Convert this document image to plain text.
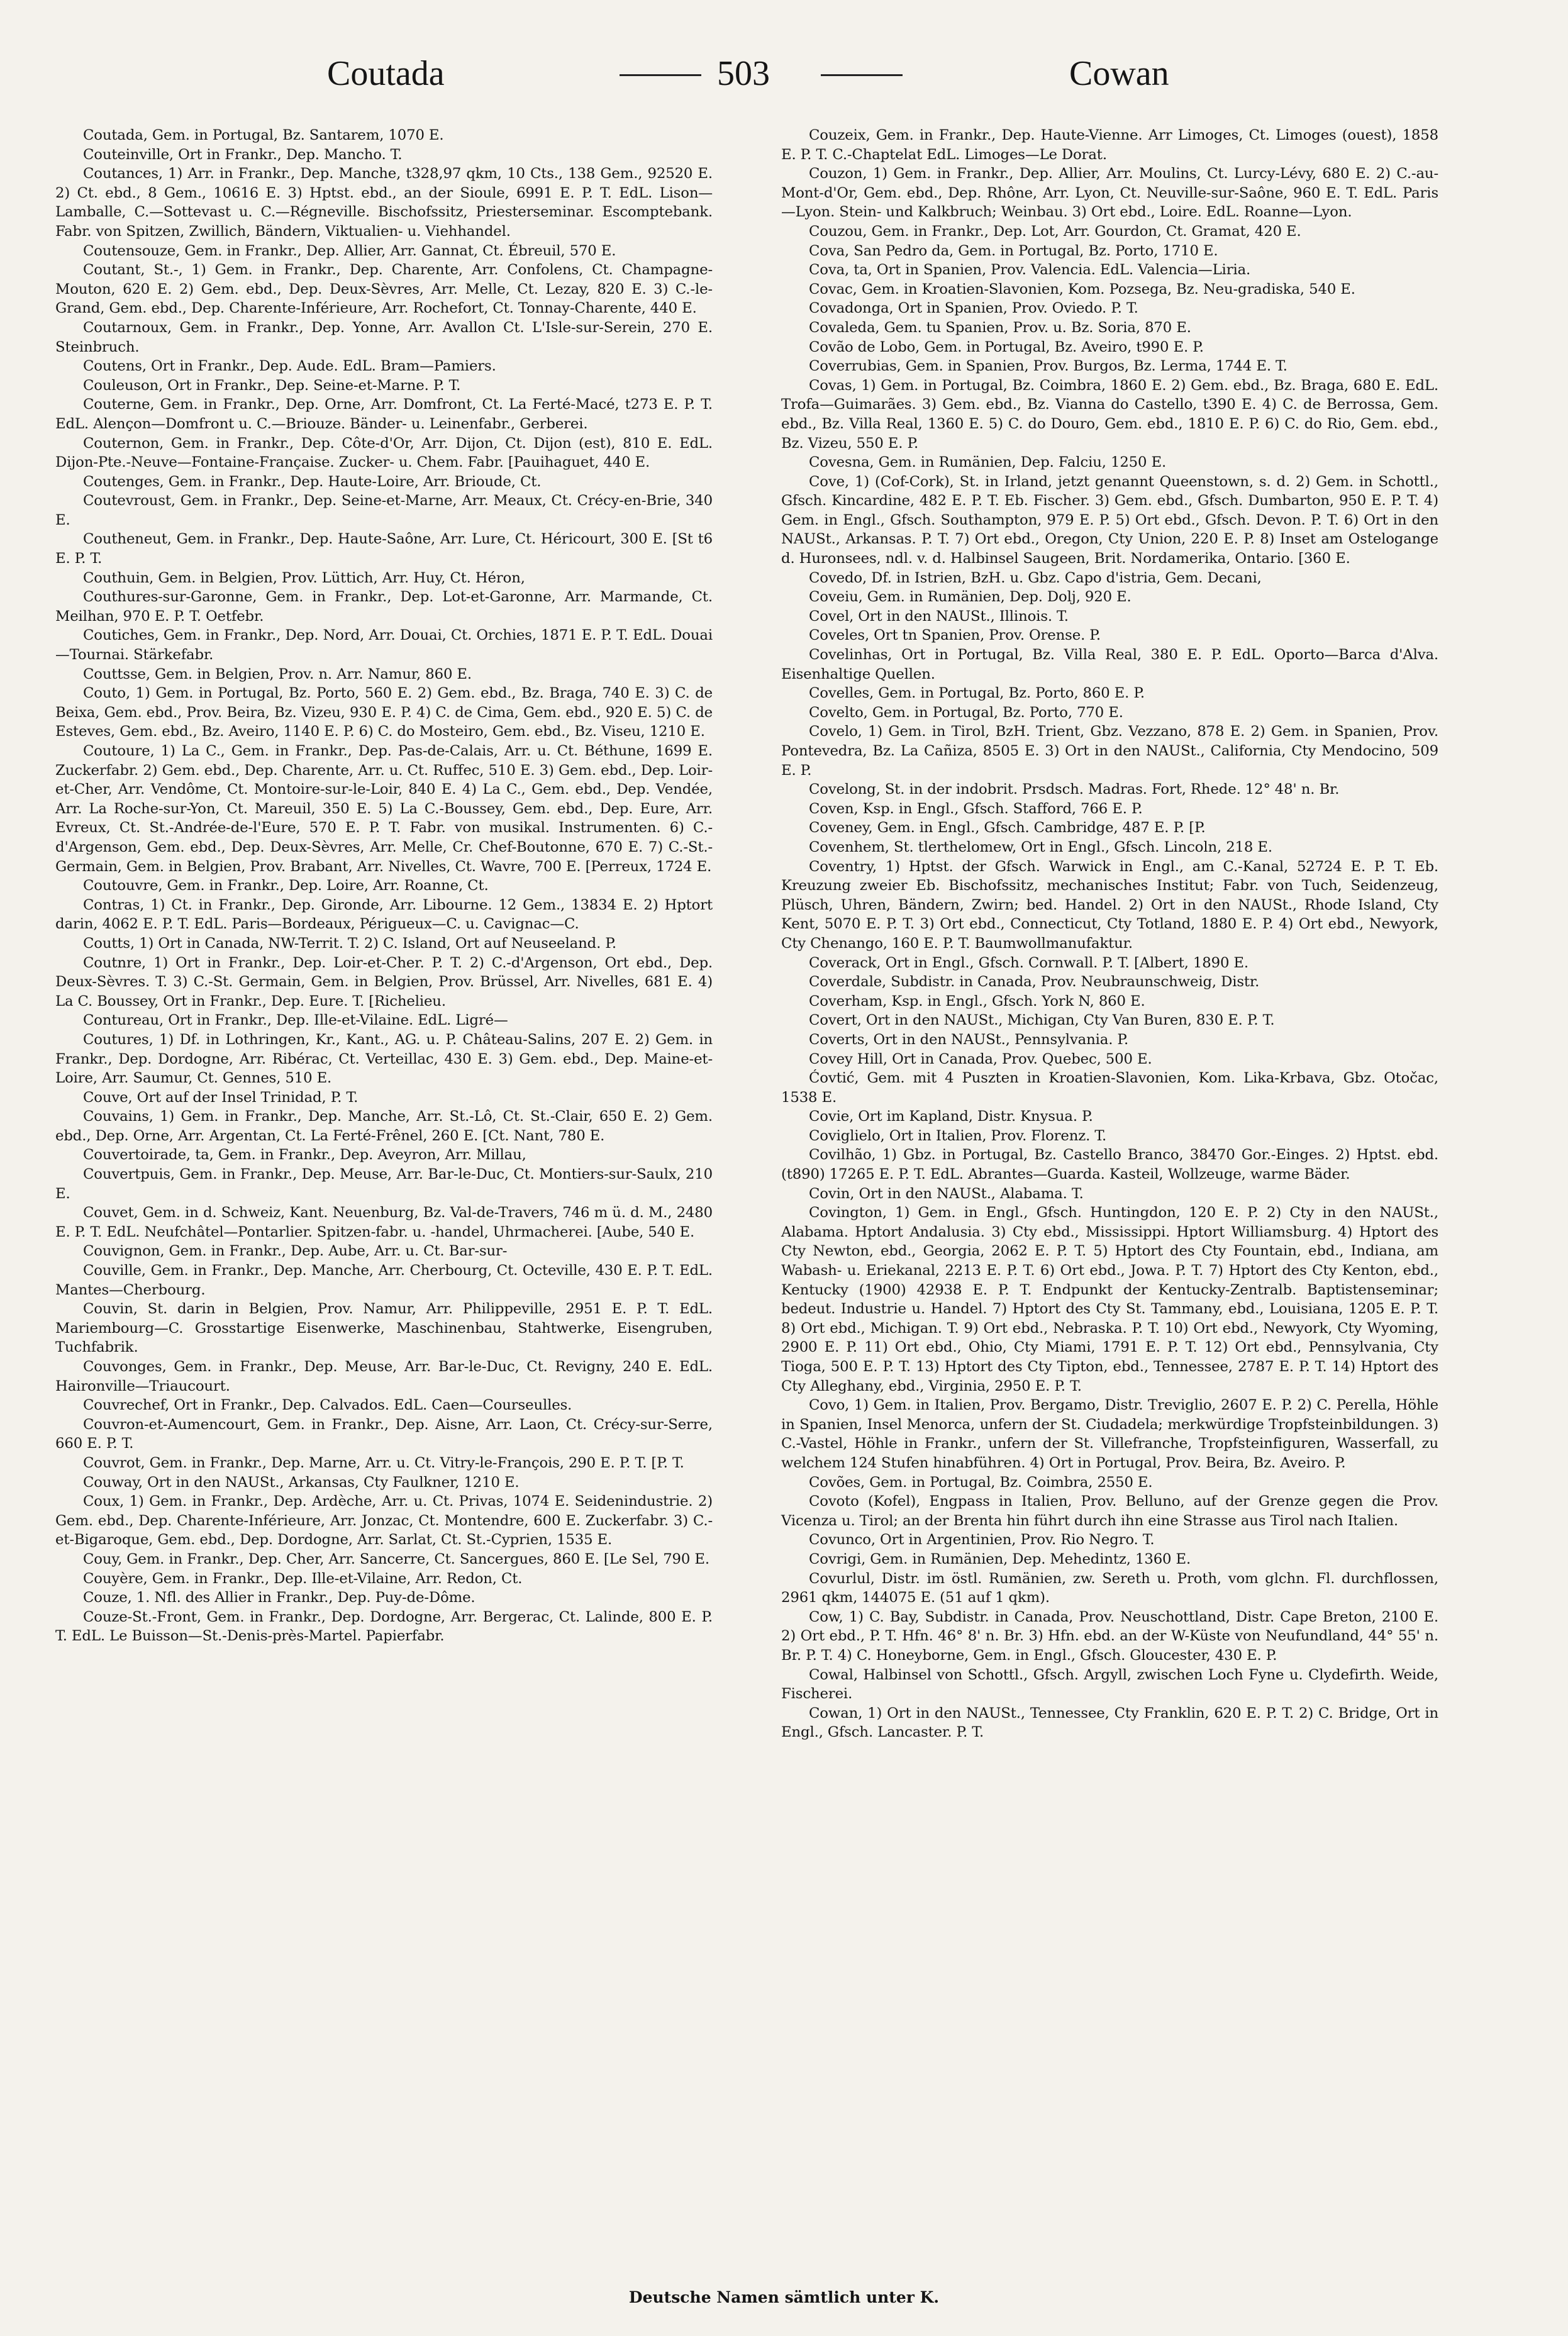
Coutada	503	Cowan

Coutada, Gem. in Portugal, Bz. Santarem, 1070 E.

Couteinville, Ort in Frankr., Dep. Mancho. T.

Coutances, 1) Arr. in Frankr., Dep. Manche, t328,97 qkm, 10 Cts., 138 Gem., 92520 E. 2) Ct. ebd., 8 Gem., 10616 E. 3) Hptst. ebd., an der Sioule, 6991 E. P. T. EdL. Lison—Lamballe, C.—Sottevast u. C.—Régneville. Bischofssitz, Priesterseminar. Escomptebank. Fabr. von Spitzen, Zwillich, Bändern, Viktualien- u. Viehhandel.

Coutensouze, Gem. in Frankr., Dep. Allier, Arr. Gannat, Ct. Ébreuil, 570 E.

Coutant, St.-, 1) Gem. in Frankr., Dep. Charente, Arr. Confolens, Ct. Champagne-Mouton, 620 E. 2) Gem. ebd., Dep. Deux-Sèvres, Arr. Melle, Ct. Lezay, 820 E. 3) C.-le-Grand, Gem. ebd., Dep. Charente-Inférieure, Arr. Rochefort, Ct. Tonnay-Charente, 440 E.

Coutarnoux, Gem. in Frankr., Dep. Yonne, Arr. Avallon Ct. L'Isle-sur-Serein, 270 E. Steinbruch.

Coutens, Ort in Frankr., Dep. Aude. EdL. Bram—Pamiers.

Couleuson, Ort in Frankr., Dep. Seine-et-Marne. P. T.

Couterne, Gem. in Frankr., Dep. Orne, Arr. Domfront, Ct. La Ferté-Macé, t273 E. P. T. EdL. Alençon—Domfront u. C.—Briouze. Bänder- u. Leinenfabr., Gerberei.

Couternon, Gem. in Frankr., Dep. Côte-d'Or, Arr. Dijon, Ct. Dijon (est), 810 E. EdL. Dijon-Pte.-Neuve—Fontaine-Française. Zucker- u. Chem. Fabr. [Pauihaguet, 440 E.

Coutenges, Gem. in Frankr., Dep. Haute-Loire, Arr. Brioude, Ct.

Coutevroust, Gem. in Frankr., Dep. Seine-et-Marne, Arr. Meaux, Ct. Crécy-en-Brie, 340 E.

Coutheneut, Gem. in Frankr., Dep. Haute-Saône, Arr. Lure, Ct. Héricourt, 300 E. [St t6 E. P. T.

Couthuin, Gem. in Belgien, Prov. Lüttich, Arr. Huy, Ct. Héron,

Couthures-sur-Garonne, Gem. in Frankr., Dep. Lot-et-Garonne, Arr. Marmande, Ct. Meilhan, 970 E. P. T. Oetfebr.

Coutiches, Gem. in Frankr., Dep. Nord, Arr. Douai, Ct. Orchies, 1871 E. P. T. EdL. Douai—Tournai. Stärkefabr.

Couttsse, Gem. in Belgien, Prov. n. Arr. Namur, 860 E.

Couto, 1) Gem. in Portugal, Bz. Porto, 560 E. 2) Gem. ebd., Bz. Braga, 740 E. 3) C. de Beixa, Gem. ebd., Prov. Beira, Bz. Vizeu, 930 E. P. 4) C. de Cima, Gem. ebd., 920 E. 5) C. de Esteves, Gem. ebd., Bz. Aveiro, 1140 E. P. 6) C. do Mosteiro, Gem. ebd., Bz. Viseu, 1210 E.

Coutoure, 1) La C., Gem. in Frankr., Dep. Pas-de-Calais, Arr. u. Ct. Béthune, 1699 E. Zuckerfabr. 2) Gem. ebd., Dep. Charente, Arr. u. Ct. Ruffec, 510 E. 3) Gem. ebd., Dep. Loir-et-Cher, Arr. Vendôme, Ct. Montoire-sur-le-Loir, 840 E. 4) La C., Gem. ebd., Dep. Vendée, Arr. La Roche-sur-Yon, Ct. Mareuil, 350 E. 5) La C.-Boussey, Gem. ebd., Dep. Eure, Arr. Evreux, Ct. St.-Andrée-de-l'Eure, 570 E. P. T. Fabr. von musikal. Instrumenten. 6) C.-d'Argenson, Gem. ebd., Dep. Deux-Sèvres, Arr. Melle, Cr. Chef-Boutonne, 670 E. 7) C.-St.-Germain, Gem. in Belgien, Prov. Brabant, Arr. Nivelles, Ct. Wavre, 700 E. [Perreux, 1724 E.

Coutouvre, Gem. in Frankr., Dep. Loire, Arr. Roanne, Ct.

Contras, 1) Ct. in Frankr., Dep. Gironde, Arr. Libourne. 12 Gem., 13834 E. 2) Hptort darin, 4062 E. P. T. EdL. Paris—Bordeaux, Périgueux—C. u. Cavignac—C.

Coutts, 1) Ort in Canada, NW-Territ. T. 2) C. Island, Ort auf Neuseeland. P.

Coutnre, 1) Ort in Frankr., Dep. Loir-et-Cher. P. T. 2) C.-d'Argenson, Ort ebd., Dep. Deux-Sèvres. T. 3) C.-St. Germain, Gem. in Belgien, Prov. Brüssel, Arr. Nivelles, 681 E. 4) La C. Boussey, Ort in Frankr., Dep. Eure. T. [Richelieu.

Contureau, Ort in Frankr., Dep. Ille-et-Vilaine. EdL. Ligré—

Coutures, 1) Df. in Lothringen, Kr., Kant., AG. u. P. Château-Salins, 207 E. 2) Gem. in Frankr., Dep. Dordogne, Arr. Ribérac, Ct. Verteillac, 430 E. 3) Gem. ebd., Dep. Maine-et-Loire, Arr. Saumur, Ct. Gennes, 510 E.

Couve, Ort auf der Insel Trinidad, P. T.

Couvains, 1) Gem. in Frankr., Dep. Manche, Arr. St.-Lô, Ct. St.-Clair, 650 E. 2) Gem. ebd., Dep. Orne, Arr. Argentan, Ct. La Ferté-Frênel, 260 E. [Ct. Nant, 780 E.

Couvertoirade, ta, Gem. in Frankr., Dep. Aveyron, Arr. Millau,

Couvertpuis, Gem. in Frankr., Dep. Meuse, Arr. Bar-le-Duc, Ct. Montiers-sur-Saulx, 210 E.

Couvet, Gem. in d. Schweiz, Kant. Neuenburg, Bz. Val-de-Travers, 746 m ü. d. M., 2480 E. P. T. EdL. Neufchâtel—Pontarlier. Spitzen-fabr. u. -handel, Uhrmacherei. [Aube, 540 E.

Couvignon, Gem. in Frankr., Dep. Aube, Arr. u. Ct. Bar-sur-

Couville, Gem. in Frankr., Dep. Manche, Arr. Cherbourg, Ct. Octeville, 430 E. P. T. EdL. Mantes—Cherbourg.

Couvin, St. darin in Belgien, Prov. Namur, Arr. Philippeville, 2951 E. P. T. EdL. Mariembourg—C. Grosstartige Eisenwerke, Maschinenbau, Stahtwerke, Eisengruben, Tuchfabrik.

Couvonges, Gem. in Frankr., Dep. Meuse, Arr. Bar-le-Duc, Ct. Revigny, 240 E. EdL. Haironville—Triaucourt.

Couvrechef, Ort in Frankr., Dep. Calvados. EdL. Caen—Courseulles.

Couvron-et-Aumencourt, Gem. in Frankr., Dep. Aisne, Arr. Laon, Ct. Crécy-sur-Serre, 660 E. P. T.

Couvrot, Gem. in Frankr., Dep. Marne, Arr. u. Ct. Vitry-le-François, 290 E. P. T. [P. T.

Couway, Ort in den NAUSt., Arkansas, Cty Faulkner, 1210 E.

Coux, 1) Gem. in Frankr., Dep. Ardèche, Arr. u. Ct. Privas, 1074 E. Seidenindustrie. 2) Gem. ebd., Dep. Charente-Inférieure, Arr. Jonzac, Ct. Montendre, 600 E. Zuckerfabr. 3) C.-et-Bigaroque, Gem. ebd., Dep. Dordogne, Arr. Sarlat, Ct. St.-Cyprien, 1535 E.

Couy, Gem. in Frankr., Dep. Cher, Arr. Sancerre, Ct. Sancergues, 860 E. [Le Sel, 790 E.

Couyère, Gem. in Frankr., Dep. Ille-et-Vilaine, Arr. Redon, Ct.

Couze, 1. Nfl. des Allier in Frankr., Dep. Puy-de-Dôme.

Couze-St.-Front, Gem. in Frankr., Dep. Dordogne, Arr. Bergerac, Ct. Lalinde, 800 E. P. T. EdL. Le Buisson—St.-Denis-près-Martel. Papierfabr.

Couzeix, Gem. in Frankr., Dep. Haute-Vienne. Arr Limoges, Ct. Limoges (ouest), 1858 E. P. T. C.-Chaptelat EdL. Limoges—Le Dorat.

Couzon, 1) Gem. in Frankr., Dep. Allier, Arr. Moulins, Ct. Lurcy-Lévy, 680 E. 2) C.-au-Mont-d'Or, Gem. ebd., Dep. Rhône, Arr. Lyon, Ct. Neuville-sur-Saône, 960 E. T. EdL. Paris—Lyon. Stein- und Kalkbruch; Weinbau. 3) Ort ebd., Loire. EdL. Roanne—Lyon.

Couzou, Gem. in Frankr., Dep. Lot, Arr. Gourdon, Ct. Gramat, 420 E.

Cova, San Pedro da, Gem. in Portugal, Bz. Porto, 1710 E.

Cova, ta, Ort in Spanien, Prov. Valencia. EdL. Valencia—Liria.

Covac, Gem. in Kroatien-Slavonien, Kom. Pozsega, Bz. Neu-gradiska, 540 E.

Covadonga, Ort in Spanien, Prov. Oviedo. P. T.

Covaleda, Gem. tu Spanien, Prov. u. Bz. Soria, 870 E.

Covão de Lobo, Gem. in Portugal, Bz. Aveiro, t990 E. P.

Coverrubias, Gem. in Spanien, Prov. Burgos, Bz. Lerma, 1744 E. T.

Covas, 1) Gem. in Portugal, Bz. Coimbra, 1860 E. 2) Gem. ebd., Bz. Braga, 680 E. EdL. Trofa—Guimarães. 3) Gem. ebd., Bz. Vianna do Castello, t390 E. 4) C. de Berrossa, Gem. ebd., Bz. Villa Real, 1360 E. 5) C. do Douro, Gem. ebd., 1810 E. P. 6) C. do Rio, Gem. ebd., Bz. Vizeu, 550 E. P.

Covesna, Gem. in Rumänien, Dep. Falciu, 1250 E.

Cove, 1) (Cof-Cork), St. in Irland, jetzt genannt Queenstown, s. d. 2) Gem. in Schottl., Gfsch. Kincardine, 482 E. P. T. Eb. Fischer. 3) Gem. ebd., Gfsch. Dumbarton, 950 E. P. T. 4) Gem. in Engl., Gfsch. Southampton, 979 E. P. 5) Ort ebd., Gfsch. Devon. P. T. 6) Ort in den NAUSt., Arkansas. P. T. 7) Ort ebd., Oregon, Cty Union, 220 E. P. 8) Inset am Ostelogange d. Huronsees, ndl. v. d. Halbinsel Saugeen, Brit. Nordamerika, Ontario. [360 E.

Covedo, Df. in Istrien, BzH. u. Gbz. Capo d'istria, Gem. Decani,

Coveiu, Gem. in Rumänien, Dep. Dolj, 920 E.

Covel, Ort in den NAUSt., Illinois. T.

Coveles, Ort tn Spanien, Prov. Orense. P.

Covelinhas, Ort in Portugal, Bz. Villa Real, 380 E. P. EdL. Oporto—Barca d'Alva. Eisenhaltige Quellen.

Covelles, Gem. in Portugal, Bz. Porto, 860 E. P.

Covelto, Gem. in Portugal, Bz. Porto, 770 E.

Covelo, 1) Gem. in Tirol, BzH. Trient, Gbz. Vezzano, 878 E. 2) Gem. in Spanien, Prov. Pontevedra, Bz. La Cañiza, 8505 E. 3) Ort in den NAUSt., California, Cty Mendocino, 509 E. P.

Covelong, St. in der indobrit. Prsdsch. Madras. Fort, Rhede. 12° 48' n. Br.

Coven, Ksp. in Engl., Gfsch. Stafford, 766 E. P.

Coveney, Gem. in Engl., Gfsch. Cambridge, 487 E. P. [P.

Covenhem, St. tlerthelomew, Ort in Engl., Gfsch. Lincoln, 218 E.

Coventry, 1) Hptst. der Gfsch. Warwick in Engl., am C.-Kanal, 52724 E. P. T. Eb. Kreuzung zweier Eb. Bischofssitz, mechanisches Institut; Fabr. von Tuch, Seidenzeug, Plüsch, Uhren, Bändern, Zwirn; bed. Handel. 2) Ort in den NAUSt., Rhode Island, Cty Kent, 5070 E. P. T. 3) Ort ebd., Connecticut, Cty Totland, 1880 E. P. 4) Ort ebd., Newyork, Cty Chenango, 160 E. P. T. Baumwollmanufaktur.

Coverack, Ort in Engl., Gfsch. Cornwall. P. T. [Albert, 1890 E.

Coverdale, Subdistr. in Canada, Prov. Neubraunschweig, Distr.

Coverham, Ksp. in Engl., Gfsch. York N, 860 E.

Covert, Ort in den NAUSt., Michigan, Cty Van Buren, 830 E. P. T.

Coverts, Ort in den NAUSt., Pennsylvania. P.

Covey Hill, Ort in Canada, Prov. Quebec, 500 E.

Ćovtić, Gem. mit 4 Puszten in Kroatien-Slavonien, Kom. Lika-Krbava, Gbz. Otočac, 1538 E.

Covie, Ort im Kapland, Distr. Knysua. P.

Coviglielo, Ort in Italien, Prov. Florenz. T.

Covilhão, 1) Gbz. in Portugal, Bz. Castello Branco, 38470 Gor.-Einges. 2) Hptst. ebd. (t890) 17265 E. P. T. EdL. Abrantes—Guarda. Kasteil, Wollzeuge, warme Bäder.

Covin, Ort in den NAUSt., Alabama. T.

Covington, 1) Gem. in Engl., Gfsch. Huntingdon, 120 E. P. 2) Cty in den NAUSt., Alabama. Hptort Andalusia. 3) Cty ebd., Mississippi. Hptort Williamsburg. 4) Hptort des Cty Newton, ebd., Georgia, 2062 E. P. T. 5) Hptort des Cty Fountain, ebd., Indiana, am Wabash- u. Eriekanal, 2213 E. P. T. 6) Ort ebd., Jowa. P. T. 7) Hptort des Cty Kenton, ebd., Kentucky (1900) 42938 E. P. T. Endpunkt der Kentucky-Zentralb. Baptistenseminar; bedeut. Industrie u. Handel. 7) Hptort des Cty St. Tammany, ebd., Louisiana, 1205 E. P. T. 8) Ort ebd., Michigan. T. 9) Ort ebd., Nebraska. P. T. 10) Ort ebd., Newyork, Cty Wyoming, 2900 E. P. 11) Ort ebd., Ohio, Cty Miami, 1791 E. P. T. 12) Ort ebd., Pennsylvania, Cty Tioga, 500 E. P. T. 13) Hptort des Cty Tipton, ebd., Tennessee, 2787 E. P. T. 14) Hptort des Cty Alleghany, ebd., Virginia, 2950 E. P. T.

Covo, 1) Gem. in Italien, Prov. Bergamo, Distr. Treviglio, 2607 E. P. 2) C. Perella, Höhle in Spanien, Insel Menorca, unfern der St. Ciudadela; merkwürdige Tropfsteinbildungen. 3) C.-Vastel, Höhle in Frankr., unfern der St. Villefranche, Tropfsteinfiguren, Wasserfall, zu welchem 124 Stufen hinabführen. 4) Ort in Portugal, Prov. Beira, Bz. Aveiro. P.

Covões, Gem. in Portugal, Bz. Coimbra, 2550 E.

Covoto (Kofel), Engpass in Italien, Prov. Belluno, auf der Grenze gegen die Prov. Vicenza u. Tirol; an der Brenta hin führt durch ihn eine Strasse aus Tirol nach Italien.

Covunco, Ort in Argentinien, Prov. Rio Negro. T.

Covrigi, Gem. in Rumänien, Dep. Mehedintz, 1360 E.

Covurlul, Distr. im östl. Rumänien, zw. Sereth u. Proth, vom glchn. Fl. durchflossen, 2961 qkm, 144075 E. (51 auf 1 qkm).

Cow, 1) C. Bay, Subdistr. in Canada, Prov. Neuschottland, Distr. Cape Breton, 2100 E. 2) Ort ebd., P. T. Hfn. 46° 8' n. Br. 3) Hfn. ebd. an der W-Küste von Neufundland, 44° 55' n. Br. P. T. 4) C. Honeyborne, Gem. in Engl., Gfsch. Gloucester, 430 E. P.

Cowal, Halbinsel von Schottl., Gfsch. Argyll, zwischen Loch Fyne u. Clydefirth. Weide, Fischerei.

Cowan, 1) Ort in den NAUSt., Tennessee, Cty Franklin, 620 E. P. T. 2) C. Bridge, Ort in Engl., Gfsch. Lancaster. P. T.

Deutsche Namen sämtlich unter K.
